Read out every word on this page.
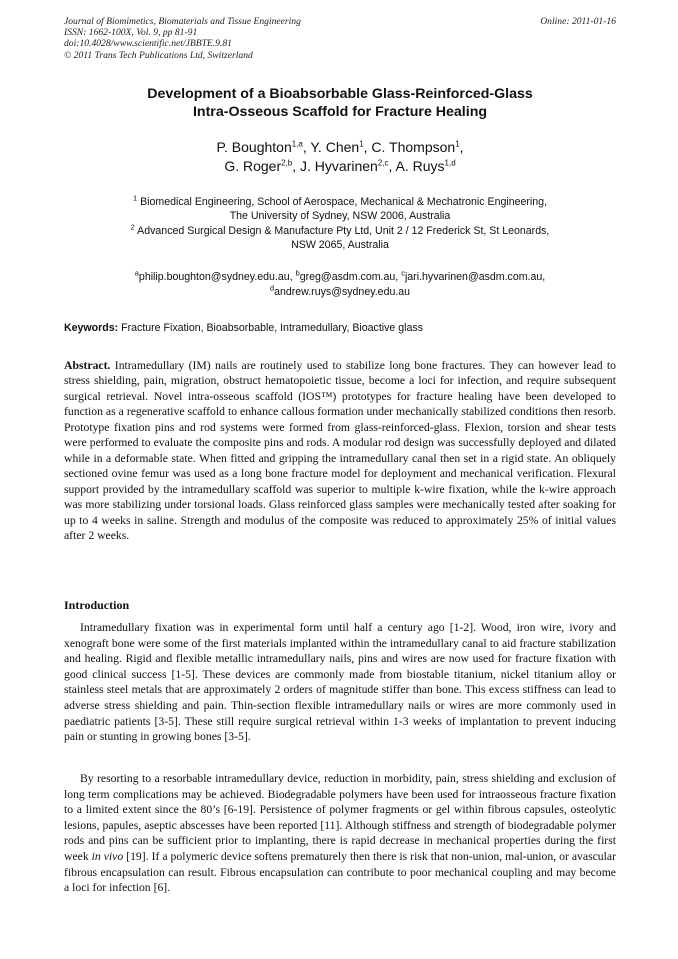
Journal of Biomimetics, Biomaterials and Tissue Engineering
ISSN: 1662-100X, Vol. 9, pp 81-91
doi:10.4028/www.scientific.net/JBBTE.9.81
© 2011 Trans Tech Publications Ltd, Switzerland
Online: 2011-01-16
Development of a Bioabsorbable Glass-Reinforced-Glass
Intra-Osseous Scaffold for Fracture Healing
P. Boughton$^{1,a}$, Y. Chen$^1$, C. Thompson$^1$,
G. Roger$^{2,b}$, J. Hyvarinen$^{2,c}$, A. Ruys$^{1,d}$
$^1$ Biomedical Engineering, School of Aerospace, Mechanical & Mechatronic Engineering,
The University of Sydney, NSW 2006, Australia
$^2$ Advanced Surgical Design & Manufacture Pty Ltd, Unit 2 / 12 Frederick St, St Leonards,
NSW 2065, Australia
$^a$philip.boughton@sydney.edu.au, $^b$greg@asdm.com.au, $^c$jari.hyvarinen@asdm.com.au,
$^d$andrew.ruys@sydney.edu.au
Keywords: Fracture Fixation, Bioabsorbable, Intramedullary, Bioactive glass
Abstract. Intramedullary (IM) nails are routinely used to stabilize long bone fractures. They can however lead to stress shielding, pain, migration, obstruct hematopoietic tissue, become a loci for infection, and require subsequent surgical retrieval. Novel intra-osseous scaffold (IOS™) prototypes for fracture healing have been developed to function as a regenerative scaffold to enhance callous formation under mechanically stabilized conditions then resorb. Prototype fixation pins and rod systems were formed from glass-reinforced-glass. Flexion, torsion and shear tests were performed to evaluate the composite pins and rods. A modular rod design was successfully deployed and dilated while in a deformable state. When fitted and gripping the intramedullary canal then set in a rigid state. An obliquely sectioned ovine femur was used as a long bone fracture model for deployment and mechanical verification. Flexural support provided by the intramedullary scaffold was superior to multiple k-wire fixation, while the k-wire approach was more stabilizing under torsional loads. Glass reinforced glass samples were mechanically tested after soaking for up to 4 weeks in saline. Strength and modulus of the composite was reduced to approximately 25% of initial values after 2 weeks.
Introduction
Intramedullary fixation was in experimental form until half a century ago [1-2]. Wood, iron wire, ivory and xenograft bone were some of the first materials implanted within the intramedullary canal to aid fracture stabilization and healing. Rigid and flexible metallic intramedullary nails, pins and wires are now used for fracture fixation with good clinical success [1-5]. These devices are commonly made from biostable titanium, nickel titanium alloy or stainless steel metals that are approximately 2 orders of magnitude stiffer than bone. This excess stiffness can lead to adverse stress shielding and pain. Thin-section flexible intramedullary nails or wires are more commonly used in paediatric patients [3-5]. These still require surgical retrieval within 1-3 weeks of implantation to prevent inducing pain or stunting in growing bones [3-5].
By resorting to a resorbable intramedullary device, reduction in morbidity, pain, stress shielding and exclusion of long term complications may be achieved. Biodegradable polymers have been used for intraosseous fracture fixation to a limited extent since the 80’s [6-19]. Persistence of polymer fragments or gel within fibrous capsules, osteolytic lesions, papules, aseptic abscesses have been reported [11]. Although stiffness and strength of biodegradable polymer rods and pins can be sufficient prior to implanting, there is rapid decrease in mechanical properties during the first week in vivo [19]. If a polymeric device softens prematurely then there is risk that non-union, mal-union, or avascular fibrous encapsulation can result. Fibrous encapsulation can contribute to poor mechanical coupling and may become a loci for infection [6].
